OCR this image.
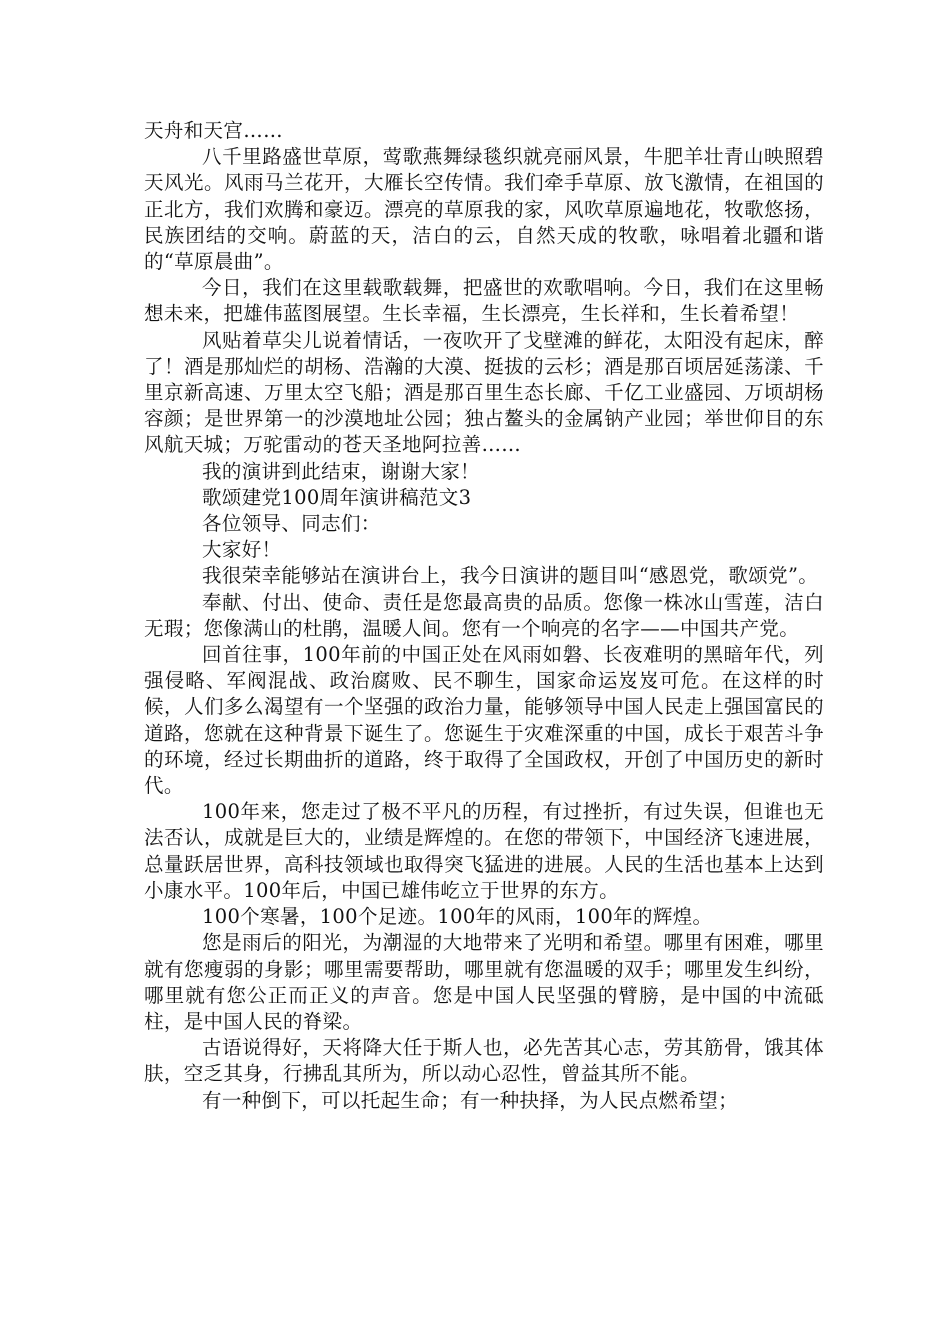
天舟和天宫……

八千里路盛世草原，莺歌燕舞绿毯织就亮丽风景，牛肥羊壮青山映照碧天风光。风雨马兰花开，大雁长空传情。我们牵手草原、放飞激情，在祖国的正北方，我们欢腾和豪迈。漂亮的草原我的家，风吹草原遍地花，牧歌悠扬，民族团结的交响。蔚蓝的天，洁白的云，自然天成的牧歌，咏唱着北疆和谐的“草原晨曲”。

今日，我们在这里载歌载舞，把盛世的欢歌唱响。今日，我们在这里畅想未来，把雄伟蓝图展望。生长幸福，生长漂亮，生长祥和，生长着希望！

风贴着草尖儿说着情话，一夜吹开了戈壁滩的鲜花，太阳没有起床，醉了！酒是那灿烂的胡杨、浩瀚的大漠、挺拔的云杉；酒是那百顷居延荡漾、千里京新高速、万里太空飞船；酒是那百里生态长廊、千亿工业盛园、万顷胡杨容颜；是世界第一的沙漠地址公园；独占鳌头的金属钠产业园；举世仰目的东风航天城；万驼雷动的苍天圣地阿拉善……

我的演讲到此结束，谢谢大家！

歌颂建党100周年演讲稿范文3

各位领导、同志们：

大家好！

我很荣幸能够站在演讲台上，我今日演讲的题目叫“感恩党，歌颂党”。

奉献、付出、使命、责任是您最高贵的品质。您像一株冰山雪莲，洁白无瑕；您像满山的杜鹃，温暖人间。您有一个响亮的名字——中国共产党。

回首往事，100年前的中国正处在风雨如磐、长夜难明的黑暗年代，列强侵略、军阀混战、政治腐败、民不聊生，国家命运岌岌可危。在这样的时候，人们多么渴望有一个坚强的政治力量，能够领导中国人民走上强国富民的道路，您就在这种背景下诞生了。您诞生于灾难深重的中国，成长于艰苦斗争的环境，经过长期曲折的道路，终于取得了全国政权，开创了中国历史的新时代。

100年来，您走过了极不平凡的历程，有过挫折，有过失误，但谁也无法否认，成就是巨大的，业绩是辉煌的。在您的带领下，中国经济飞速进展，总量跃居世界，高科技领域也取得突飞猛进的进展。人民的生活也基本上达到小康水平。100年后，中国已雄伟屹立于世界的东方。

100个寒暑，100个足迹。100年的风雨，100年的辉煌。

您是雨后的阳光，为潮湿的大地带来了光明和希望。哪里有困难，哪里就有您瘦弱的身影；哪里需要帮助，哪里就有您温暖的双手；哪里发生纠纷，哪里就有您公正而正义的声音。您是中国人民坚强的臂膀，是中国的中流砥柱，是中国人民的脊梁。

古语说得好，天将降大任于斯人也，必先苦其心志，劳其筋骨，饿其体肤，空乏其身，行拂乱其所为，所以动心忍性，曾益其所不能。

有一种倒下，可以托起生命；有一种抉择，为人民点燃希望；
